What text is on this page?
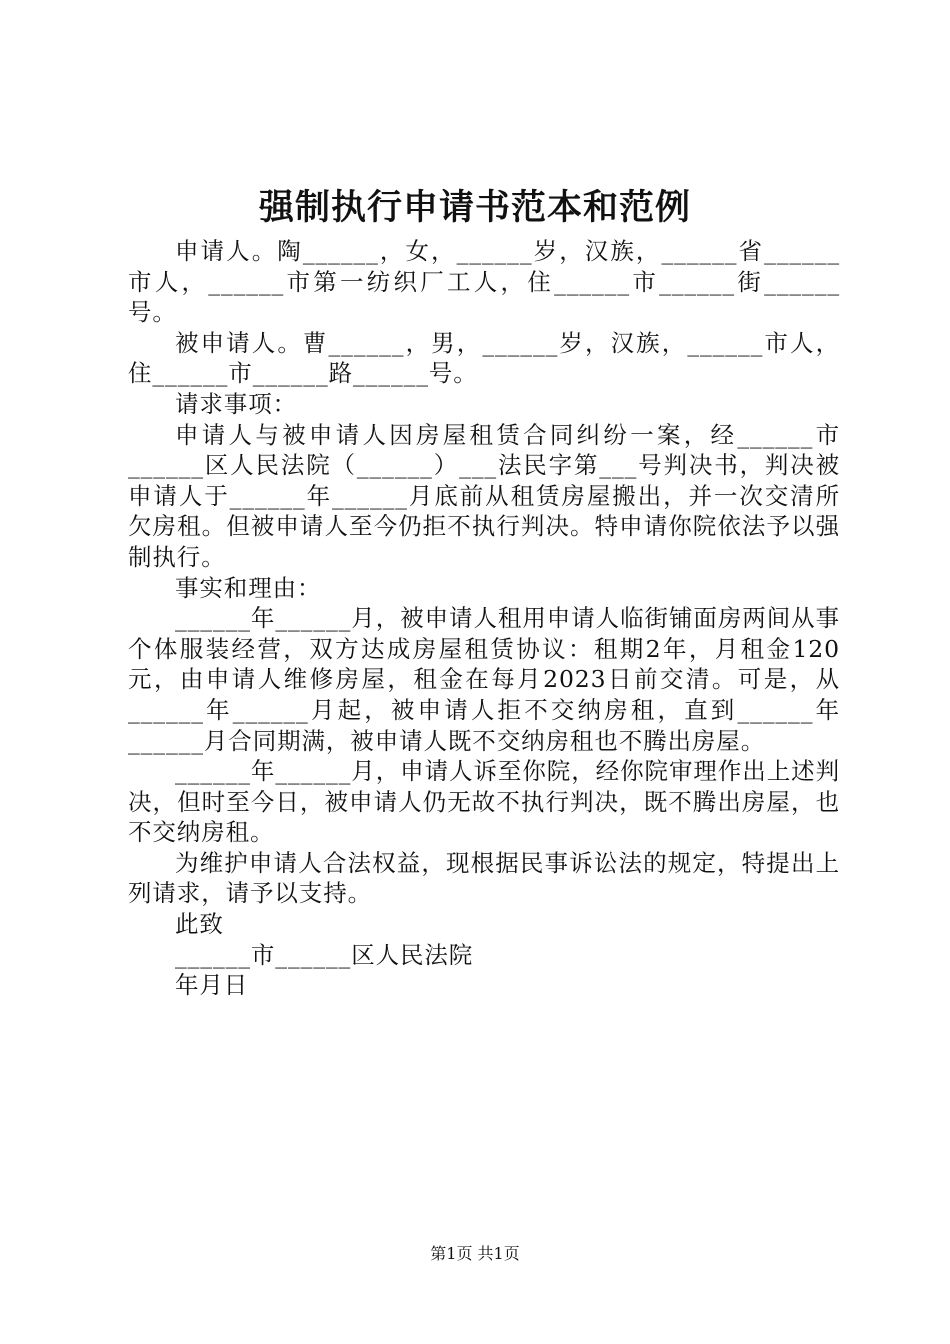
强制执行申请书范本和范例

申请人。陶______，女，______岁，汉族，______省______市人，______市第一纺织厂工人，住______市______街______号。

被申请人。曹______，男，______岁，汉族，______市人，住______市______路______号。

请求事项：

申请人与被申请人因房屋租赁合同纠纷一案，经______市______区人民法院（______）___法民字第___号判决书，判决被申请人于______年______月底前从租赁房屋搬出，并一次交清所欠房租。但被申请人至今仍拒不执行判决。特申请你院依法予以强制执行。

事实和理由：

______年______月，被申请人租用申请人临街铺面房两间从事个体服装经营，双方达成房屋租赁协议：租期2年，月租金120元，由申请人维修房屋，租金在每月2023日前交清。可是，从______年______月起，被申请人拒不交纳房租，直到______年______月合同期满，被申请人既不交纳房租也不腾出房屋。

______年______月，申请人诉至你院，经你院审理作出上述判决，但时至今日，被申请人仍无故不执行判决，既不腾出房屋，也不交纳房租。

为维护申请人合法权益，现根据民事诉讼法的规定，特提出上列请求，请予以支持。

此致

______市______区人民法院

年月日

第1页 共1页
